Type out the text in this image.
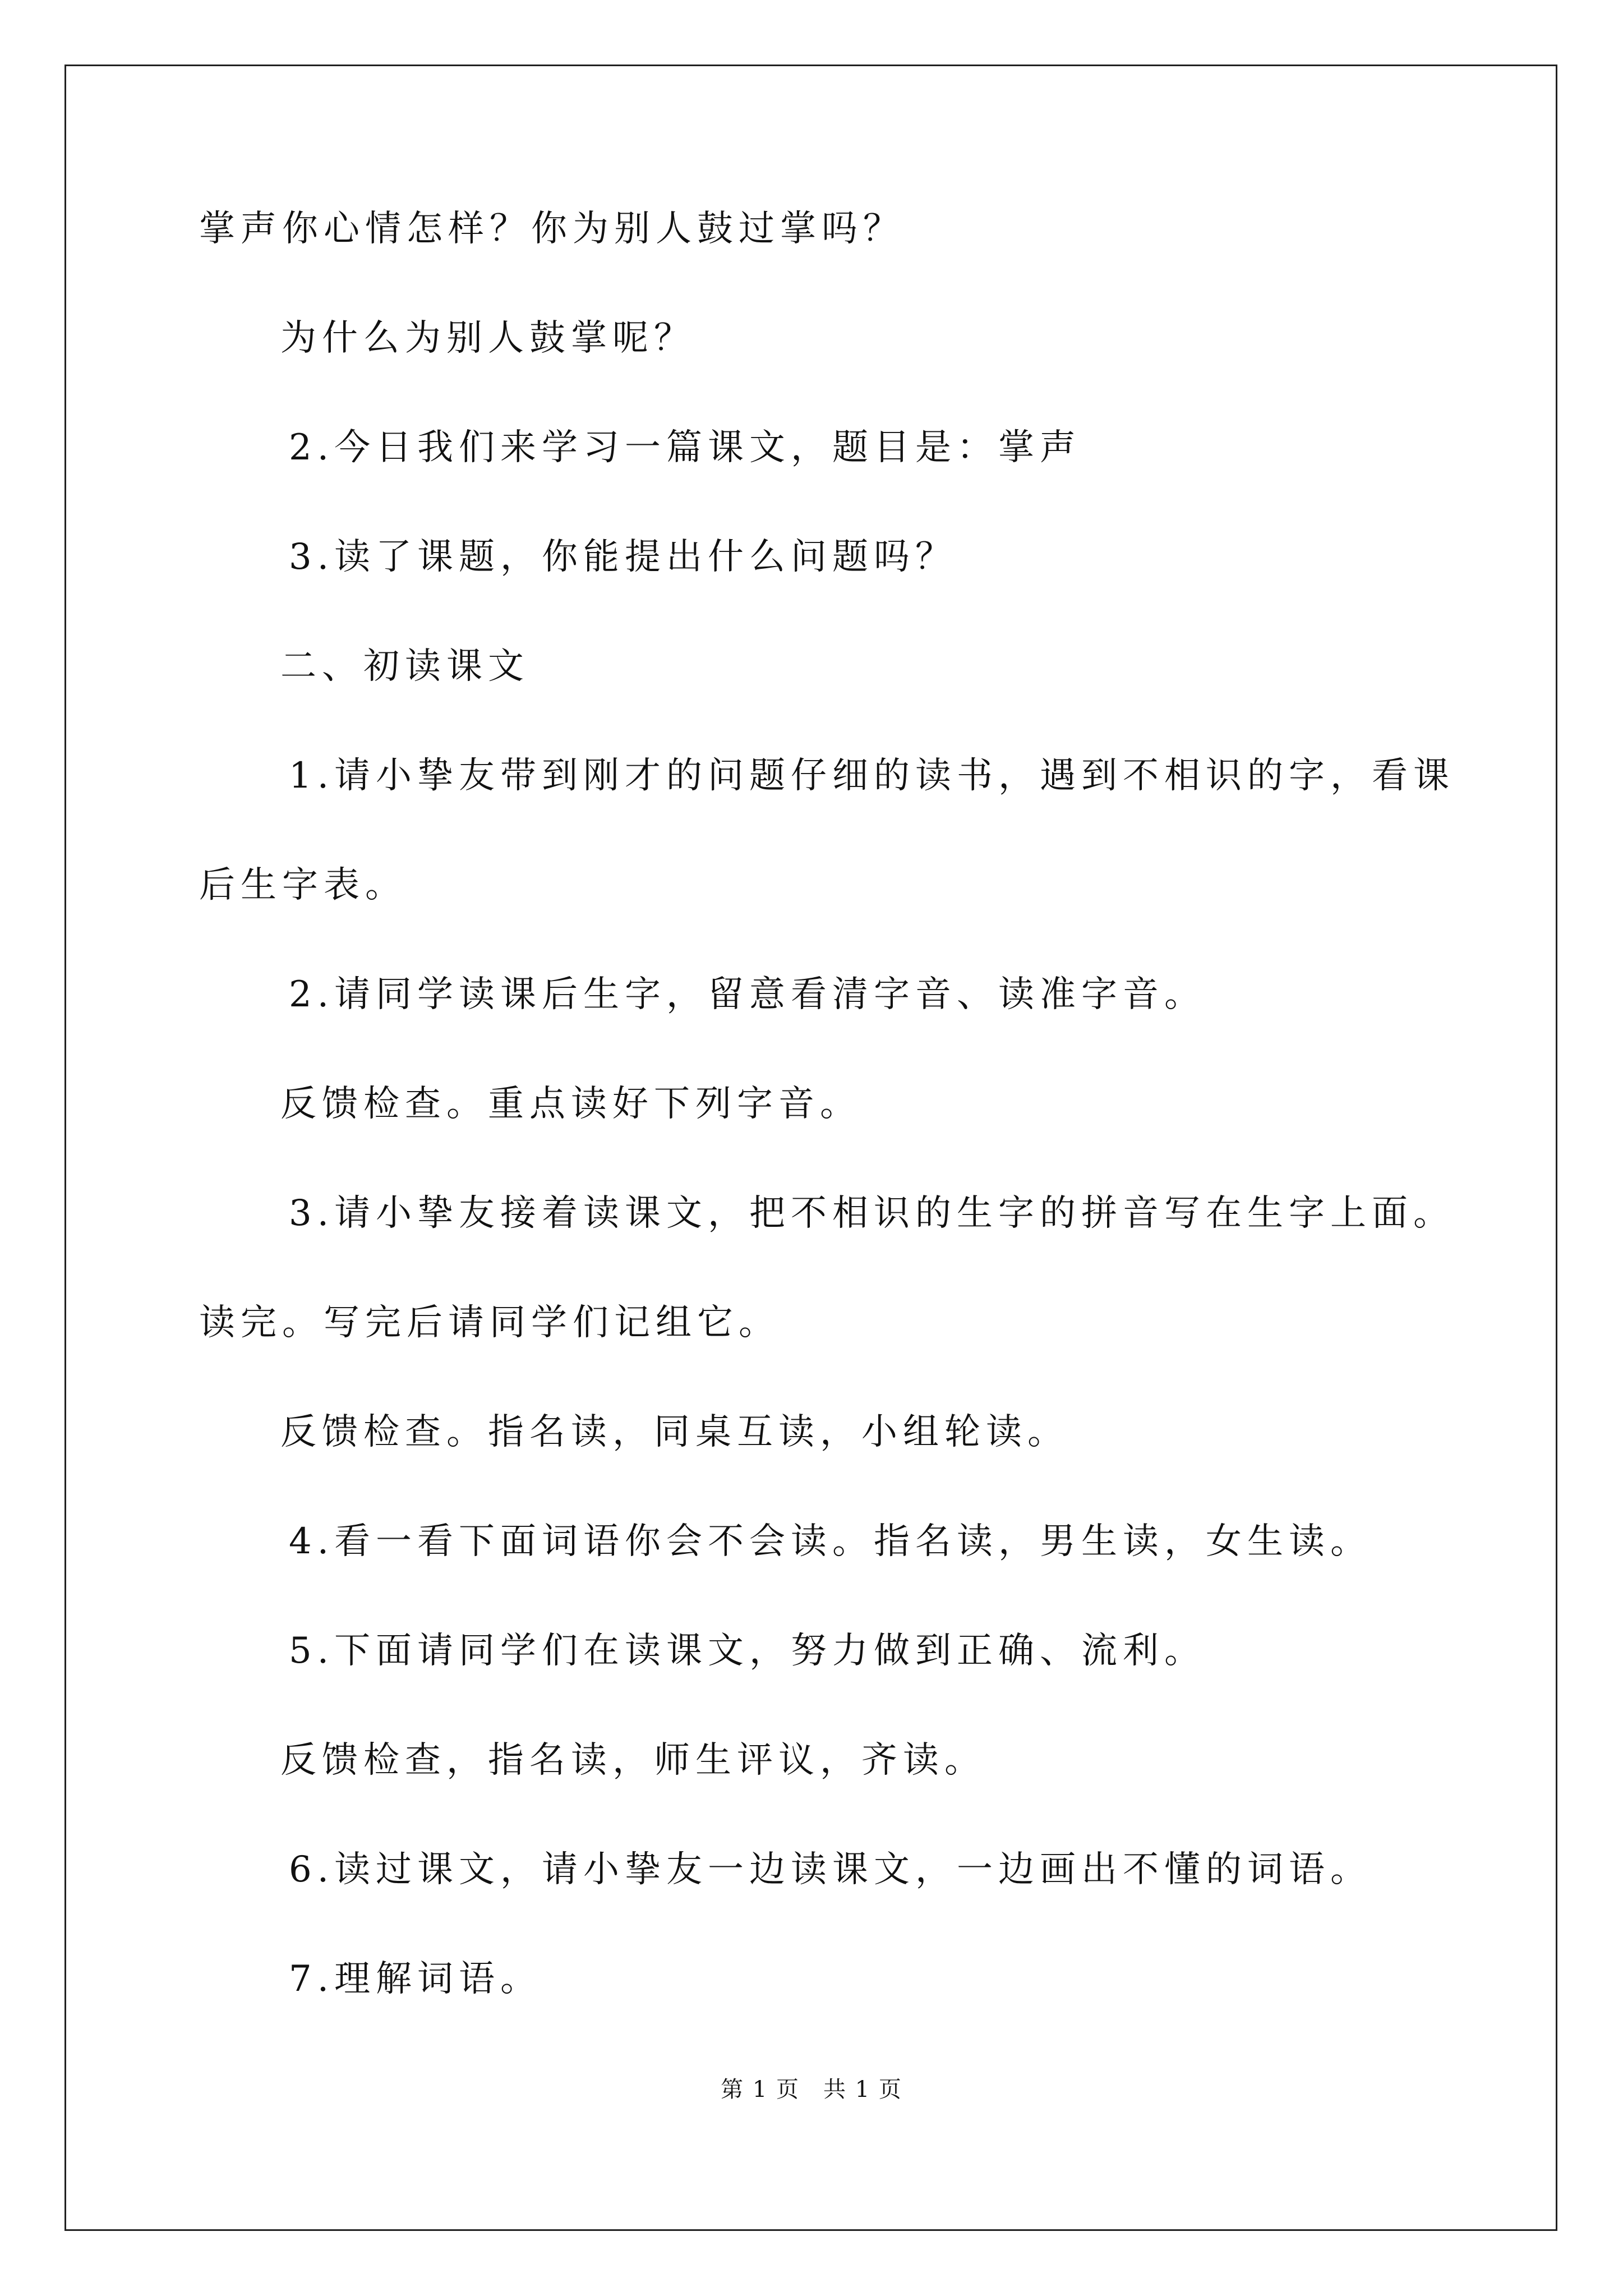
掌声你心情怎样？你为别人鼓过掌吗？
为什么为别人鼓掌呢？
2.今日我们来学习一篇课文，题目是：掌声
3.读了课题，你能提出什么问题吗？
二、初读课文
1.请小挚友带到刚才的问题仔细的读书，遇到不相识的字，看课
后生字表。
2.请同学读课后生字，留意看清字音、读准字音。
反馈检查。重点读好下列字音。
3.请小挚友接着读课文，把不相识的生字的拼音写在生字上面。
读完。写完后请同学们记组它。
反馈检查。指名读，同桌互读，小组轮读。
4.看一看下面词语你会不会读。指名读，男生读，女生读。
5.下面请同学们在读课文，努力做到正确、流利。
反馈检查，指名读，师生评议，齐读。
6.读过课文，请小挚友一边读课文，一边画出不懂的词语。
7.理解词语。
第 1 页　共 1 页
